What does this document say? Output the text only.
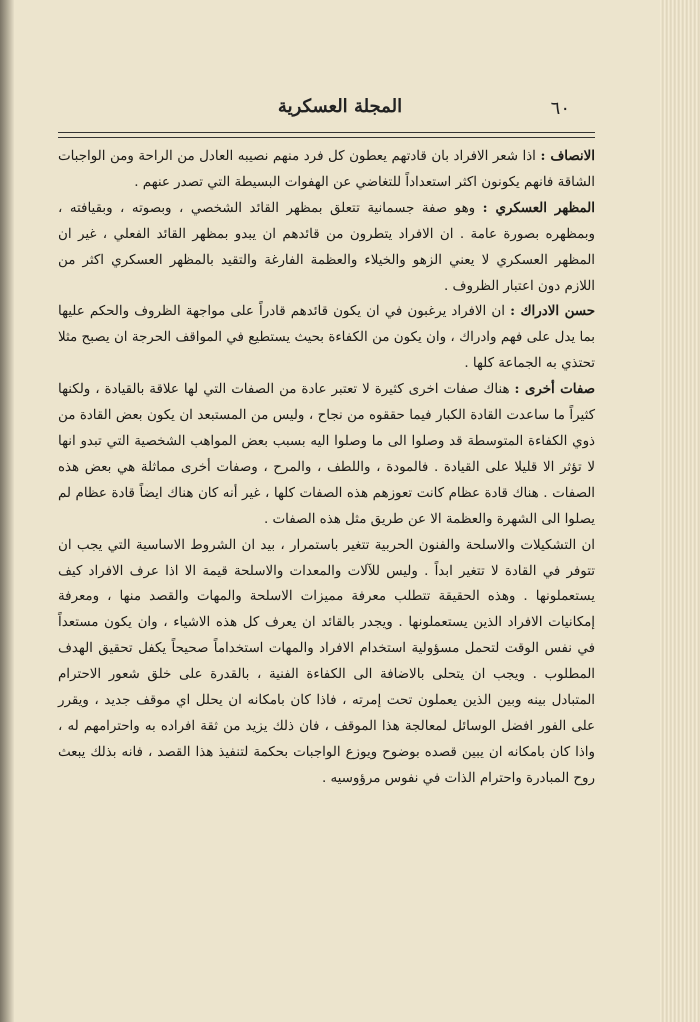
٦٠
المجلة العسكرية

الانصاف : اذا شعر الافراد بان قادتهم يعطون كل فرد منهم نصيبه العادل من الراحة ومن الواجبات الشاقة فانهم يكونون اكثر استعداداً للتغاضي عن الهفوات البسيطة التي تصدر عنهم .

المظهر العسكري : وهو صفة جسمانية تتعلق بمظهر القائد الشخصي ، وبصوته ، وبقيافته ، وبمظهره بصورة عامة . ان الافراد يتطرون من قائدهم ان يبدو بمظهر القائد الفعلي ، غير ان المظهر العسكري لا يعني الزهو والخيلاء والعظمة الفارغة والتقيد بالمظهر العسكري اكثر من اللازم دون اعتبار الظروف .

حسن الادراك : ان الافراد يرغبون في ان يكون قائدهم قادراً على مواجهة الظروف والحكم عليها بما يدل على فهم وادراك ، وان يكون من الكفاءة بحيث يستطيع في المواقف الحرجة ان يصبح مثلا تحتذي به الجماعة كلها .

صفات أخرى : هناك صفات اخرى كثيرة لا تعتبر عادة من الصفات التي لها علاقة بالقيادة ، ولكنها كثيراً ما ساعدت القادة الكبار فيما حققوه من نجاح ، وليس من المستبعد ان يكون بعض القادة من ذوي الكفاءة المتوسطة قد وصلوا الى ما وصلوا اليه بسبب بعض المواهب الشخصية التي تبدو انها لا تؤثر الا قليلا على القيادة . فالمودة ، واللطف ، والمرح ، وصفات أخرى مماثلة هي بعض هذه الصفات . هناك قادة عظام كانت تعوزهم هذه الصفات كلها ، غير أنه كان هناك ايضاً قادة عظام لم يصلوا الى الشهرة والعظمة الا عن طريق مثل هذه الصفات .

ان التشكيلات والاسلحة والفنون الحربية تتغير باستمرار ، بيد ان الشروط الاساسية التي يجب ان تتوفر في القادة لا تتغير ابداً . وليس للآلات والمعدات والاسلحة قيمة الا اذا عرف الافراد كيف يستعملونها . وهذه الحقيقة تتطلب معرفة مميزات الاسلحة والمهات والقصد منها ، ومعرفة إمكانيات الافراد الذين يستعملونها . ويجدر بالقائد ان يعرف كل هذه الاشياء ، وان يكون مستعداً في نفس الوقت لتحمل مسؤولية استخدام الافراد والمهات استخداماً صحيحاً يكفل تحقيق الهدف المطلوب . ويجب ان يتحلى بالاضافة الى الكفاءة الفنية ، بالقدرة على خلق شعور الاحترام المتبادل بينه وبين الذين يعملون تحت إمرته ، فاذا كان بامكانه ان يحلل اي موقف جديد ، ويقرر على الفور افضل الوسائل لمعالجة هذا الموقف ، فان ذلك يزيد من ثقة افراده به واحترامهم له ، واذا كان بامكانه ان يبين قصده بوضوح ويوزع الواجبات بحكمة لتنفيذ هذا القصد ، فانه بذلك يبعث روح المبادرة واحترام الذات في نفوس مرؤوسيه .
